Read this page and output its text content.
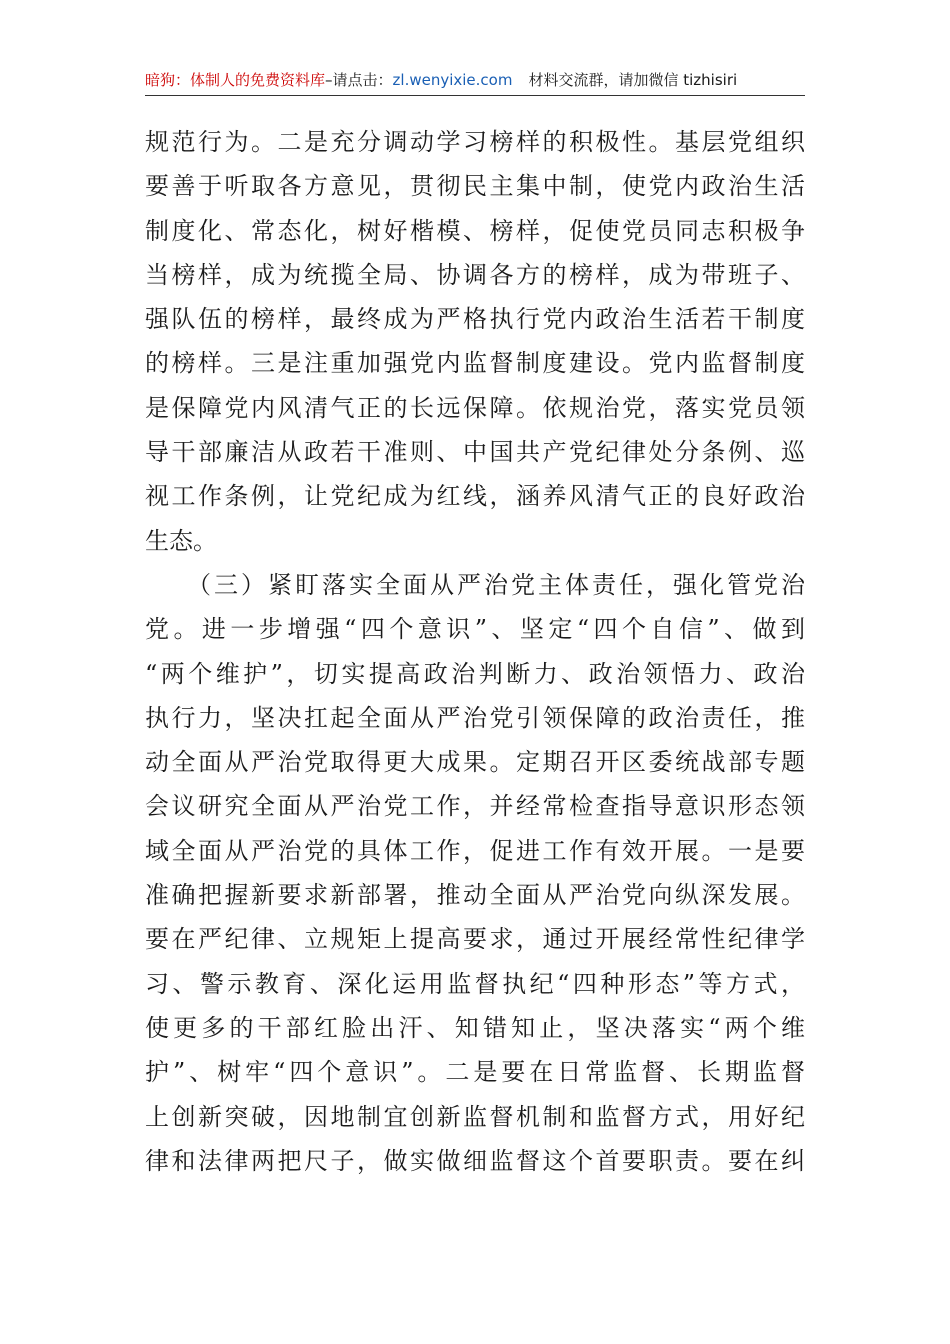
暗狗：体制人的免费资料库–请点击：zl.wenyixie.com 材料交流群，请加微信 tizhisiri
规范行为。二是充分调动学习榜样的积极性。基层党组织
要善于听取各方意见，贯彻民主集中制，使党内政治生活
制度化、常态化，树好楷模、榜样，促使党员同志积极争
当榜样，成为统揽全局、协调各方的榜样，成为带班子、
强队伍的榜样，最终成为严格执行党内政治生活若干制度
的榜样。三是注重加强党内监督制度建设。党内监督制度
是保障党内风清气正的长远保障。依规治党，落实党员领
导干部廉洁从政若干准则、中国共产党纪律处分条例、巡
视工作条例，让党纪成为红线，涵养风清气正的良好政治
生态。
　　（三）紧盯落实全面从严治党主体责任，强化管党治
党。进一步增强“四个意识”、坚定“四个自信”、做到
“两个维护”，切实提高政治判断力、政治领悟力、政治
执行力，坚决扛起全面从严治党引领保障的政治责任，推
动全面从严治党取得更大成果。定期召开区委统战部专题
会议研究全面从严治党工作，并经常检查指导意识形态领
域全面从严治党的具体工作，促进工作有效开展。一是要
准确把握新要求新部署，推动全面从严治党向纵深发展。
要在严纪律、立规矩上提高要求，通过开展经常性纪律学
习、警示教育、深化运用监督执纪“四种形态”等方式，
使更多的干部红脸出汗、知错知止，坚决落实“两个维
护”、树牢“四个意识”。二是要在日常监督、长期监督
上创新突破，因地制宜创新监督机制和监督方式，用好纪
律和法律两把尺子，做实做细监督这个首要职责。要在纠
